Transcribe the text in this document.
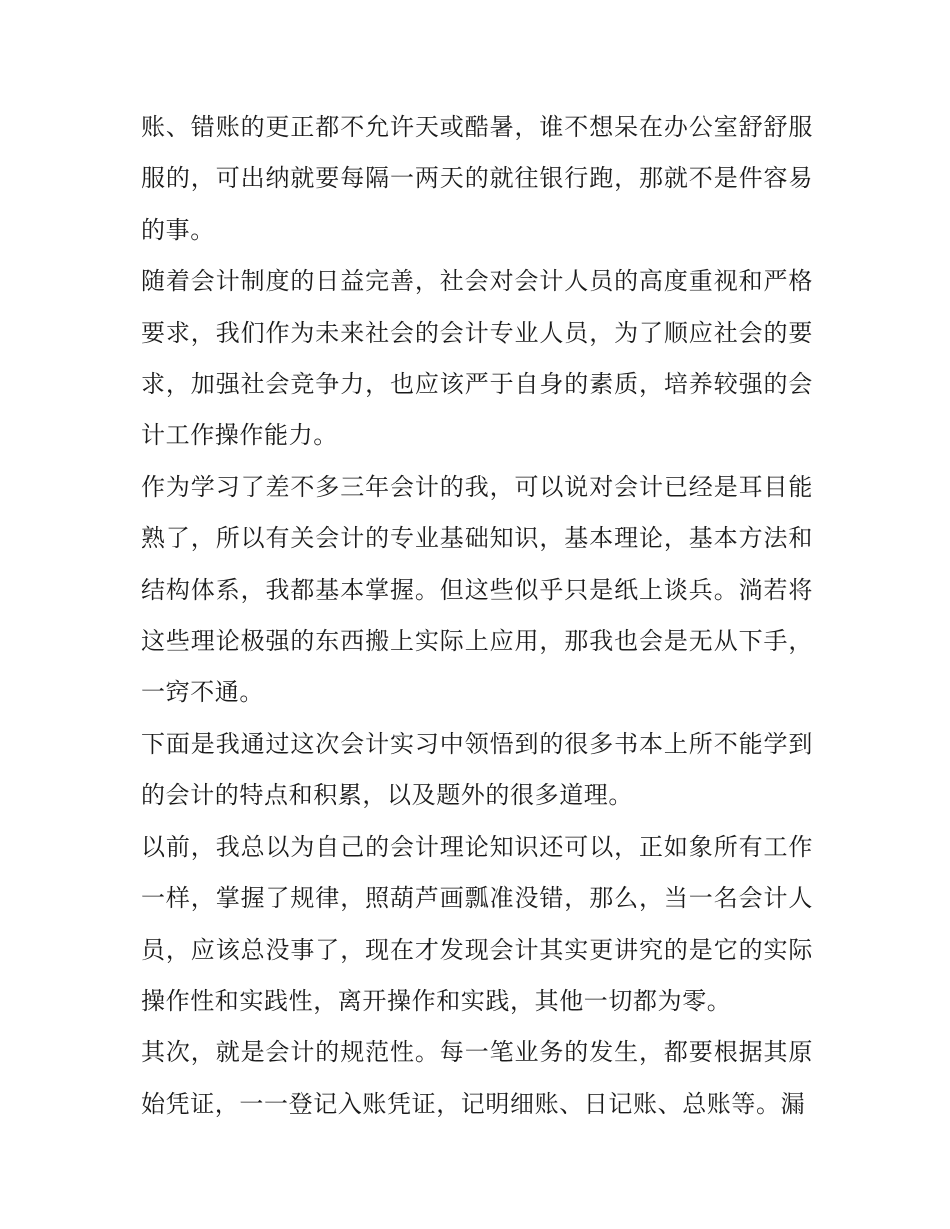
账、错账的更正都不允许天或酷暑，谁不想呆在办公室舒舒服服的，可出纳就要每隔一两天的就往银行跑，那就不是件容易的事。

随着会计制度的日益完善，社会对会计人员的高度重视和严格要求，我们作为未来社会的会计专业人员，为了顺应社会的要求，加强社会竞争力，也应该严于自身的素质，培养较强的会计工作操作能力。

作为学习了差不多三年会计的我，可以说对会计已经是耳目能熟了，所以有关会计的专业基础知识，基本理论，基本方法和结构体系，我都基本掌握。但这些似乎只是纸上谈兵。淌若将这些理论极强的东西搬上实际上应用，那我也会是无从下手，一窍不通。

下面是我通过这次会计实习中领悟到的很多书本上所不能学到的会计的特点和积累，以及题外的很多道理。

以前，我总以为自己的会计理论知识还可以，正如象所有工作一样，掌握了规律，照葫芦画瓢准没错，那么，当一名会计人员，应该总没事了，现在才发现会计其实更讲究的是它的实际操作性和实践性，离开操作和实践，其他一切都为零。

其次，就是会计的规范性。每一笔业务的发生，都要根据其原始凭证，一一登记入账凭证，记明细账、日记账、总账等。漏
